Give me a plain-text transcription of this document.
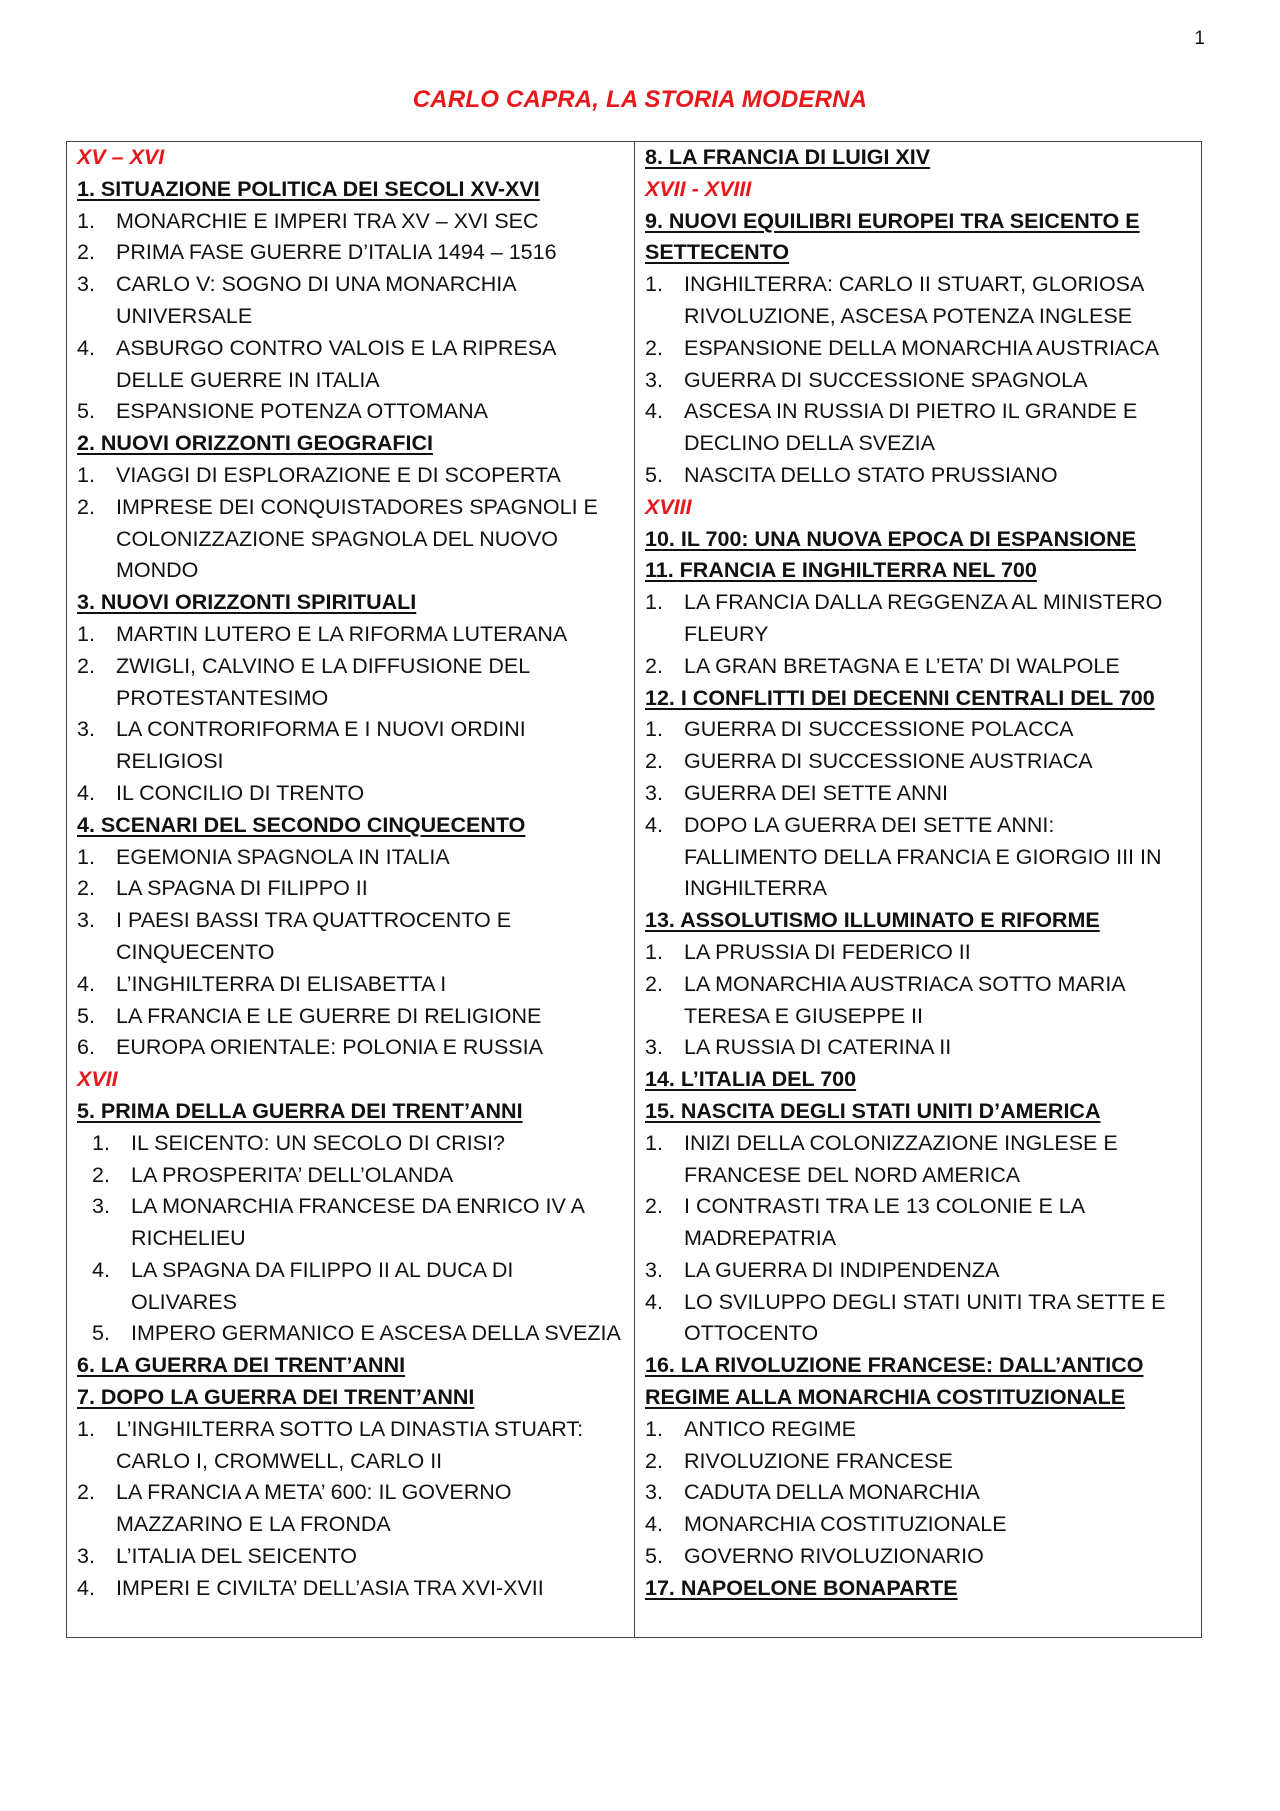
1
CARLO CAPRA, LA STORIA MODERNA
XV – XVI
1. SITUAZIONE POLITICA DEI SECOLI XV-XVI
1. MONARCHIE E IMPERI TRA XV – XVI SEC
2. PRIMA FASE GUERRE D’ITALIA 1494 – 1516
3. CARLO V: SOGNO DI UNA MONARCHIA UNIVERSALE
4. ASBURGO CONTRO VALOIS E LA RIPRESA DELLE GUERRE IN ITALIA
5. ESPANSIONE POTENZA OTTOMANA
2. NUOVI ORIZZONTI GEOGRAFICI
1. VIAGGI DI ESPLORAZIONE E DI SCOPERTA
2. IMPRESE DEI CONQUISTADORES SPAGNOLI E COLONIZZAZIONE SPAGNOLA DEL NUOVO MONDO
3. NUOVI ORIZZONTI SPIRITUALI
1. MARTIN LUTERO E LA RIFORMA LUTERANA
2. ZWIGLI, CALVINO E LA DIFFUSIONE DEL PROTESTANTESIMO
3. LA CONTRORIFORMA E I NUOVI ORDINI RELIGIOSI
4. IL CONCILIO DI TRENTO
4. SCENARI DEL SECONDO CINQUECENTO
1. EGEMONIA SPAGNOLA IN ITALIA
2. LA SPAGNA DI FILIPPO II
3. I PAESI BASSI TRA QUATTROCENTO E CINQUECENTO
4. L’INGHILTERRA DI ELISABETTA I
5. LA FRANCIA E LE GUERRE DI RELIGIONE
6. EUROPA ORIENTALE: POLONIA E RUSSIA
XVII
5. PRIMA DELLA GUERRA DEI TRENT’ANNI
1. IL SEICENTO: UN SECOLO DI CRISI?
2. LA PROSPERITA’ DELL’OLANDA
3. LA MONARCHIA FRANCESE DA ENRICO IV A RICHELIEU
4. LA SPAGNA DA FILIPPO II AL DUCA DI OLIVARES
5. IMPERO GERMANICO E ASCESA DELLA SVEZIA
6. LA GUERRA DEI TRENT’ANNI
7. DOPO LA GUERRA DEI TRENT’ANNI
1. L’INGHILTERRA SOTTO LA DINASTIA STUART: CARLO I, CROMWELL, CARLO II
2. LA FRANCIA A META’ 600: IL GOVERNO MAZZARINO E LA FRONDA
3. L’ITALIA DEL SEICENTO
4. IMPERI E CIVILTA’ DELL’ASIA TRA XVI-XVII
8. LA FRANCIA DI LUIGI XIV
XVII - XVIII
9. NUOVI EQUILIBRI EUROPEI TRA SEICENTO E SETTECENTO
1. INGHILTERRA: CARLO II STUART, GLORIOSA RIVOLUZIONE, ASCESA POTENZA INGLESE
2. ESPANSIONE DELLA MONARCHIA AUSTRIACA
3. GUERRA DI SUCCESSIONE SPAGNOLA
4. ASCESA IN RUSSIA DI PIETRO IL GRANDE E DECLINO DELLA SVEZIA
5. NASCITA DELLO STATO PRUSSIANO
XVIII
10. IL 700: UNA NUOVA EPOCA DI ESPANSIONE
11. FRANCIA E INGHILTERRA NEL 700
1. LA FRANCIA DALLA REGGENZA AL MINISTERO FLEURY
2. LA GRAN BRETAGNA E L’ETA’ DI WALPOLE
12. I CONFLITTI DEI DECENNI CENTRALI DEL 700
1. GUERRA DI SUCCESSIONE POLACCA
2. GUERRA DI SUCCESSIONE AUSTRIACA
3. GUERRA DEI SETTE ANNI
4. DOPO LA GUERRA DEI SETTE ANNI: FALLIMENTO DELLA FRANCIA E GIORGIO III IN INGHILTERRA
13. ASSOLUTISMO ILLUMINATO E RIFORME
1. LA PRUSSIA DI FEDERICO II
2. LA MONARCHIA AUSTRIACA SOTTO MARIA TERESA E GIUSEPPE II
3. LA RUSSIA DI CATERINA II
14. L’ITALIA DEL 700
15. NASCITA DEGLI STATI UNITI D’AMERICA
1. INIZI DELLA COLONIZZAZIONE INGLESE E FRANCESE DEL NORD AMERICA
2. I CONTRASTI TRA LE 13 COLONIE E LA MADREPATRIA
3. LA GUERRA DI INDIPENDENZA
4. LO SVILUPPO DEGLI STATI UNITI TRA SETTE E OTTOCENTO
16. LA RIVOLUZIONE FRANCESE: DALL’ANTICO REGIME ALLA MONARCHIA COSTITUZIONALE
1. ANTICO REGIME
2. RIVOLUZIONE FRANCESE
3. CADUTA DELLA MONARCHIA
4. MONARCHIA COSTITUZIONALE
5. GOVERNO RIVOLUZIONARIO
17. NAPOELONE BONAPARTE
